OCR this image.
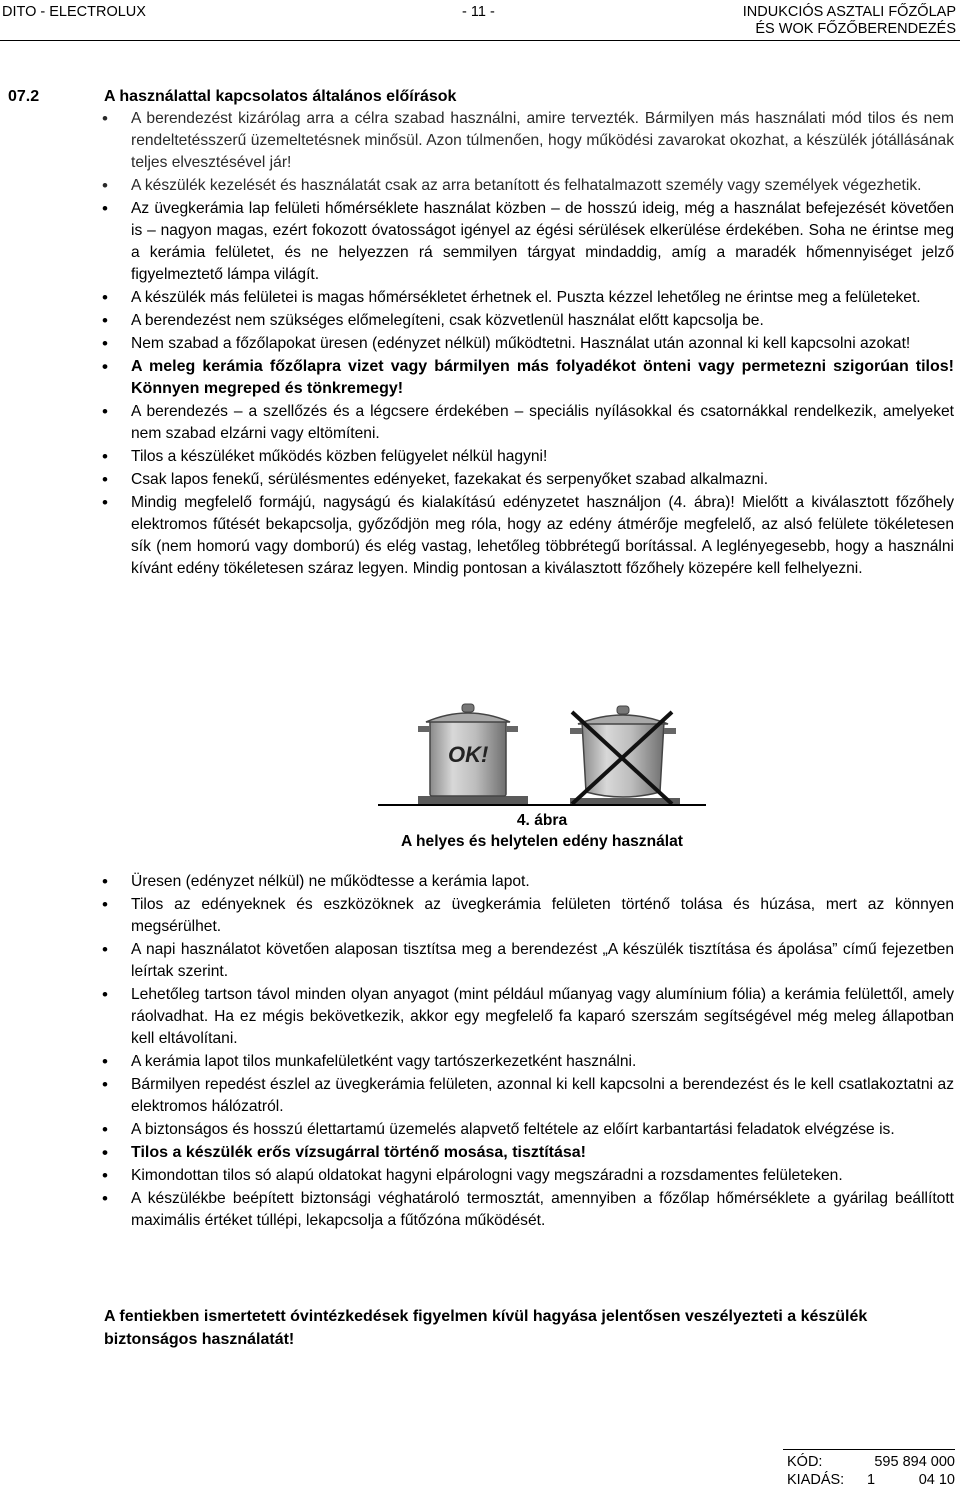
DITO - ELECTROLUX	- 11 -	INDUKCIÓS ASZTALI FŐZŐLAP
ÉS WOK FŐZŐBERENDEZÉS
07.2	A használattal kapcsolatos általános előírások
• A berendezést kizárólag arra a célra szabad használni, amire tervezték. Bármilyen más használati mód tilos és nem rendeltetésszerű üzemeltetésnek minősül. Azon túlmenően, hogy működési zavarokat okozhat, a készülék jótállásának teljes elvesztésével jár!
• A készülék kezelését és használatát csak az arra betanított és felhatalmazott személy vagy személyek végezhetik.
• Az üvegkerámia lap felületi hőmérséklete használat közben – de hosszú ideig, még a használat befejezését követően is – nagyon magas, ezért fokozott óvatosságot igényel az égési sérülések elkerülése érdekében. Soha ne érintse meg a kerámia felületet, és ne helyezzen rá semmilyen tárgyat mindaddig, amíg a maradék hőmennyiséget jelző figyelmeztető lámpa világít.
• A készülék más felületei is magas hőmérsékletet érhetnek el. Puszta kézzel lehetőleg ne érintse meg a felületeket.
• A berendezést nem szükséges előmelegíteni, csak közvetlenül használat előtt kapcsolja be.
• Nem szabad a főzőlapokat üresen (edényzet nélkül) működtetni. Használat után azonnal ki kell kapcsolni azokat!
• A meleg kerámia főzőlapra vizet vagy bármilyen más folyadékot önteni vagy permetezni szigorúan tilos! Könnyen megreped és tönkremegy!
• A berendezés – a szellőzés és a légcsere érdekében – speciális nyílásokkal és csatornákkal rendelkezik, amelyeket nem szabad elzárni vagy eltömíteni.
• Tilos a készüléket működés közben felügyelet nélkül hagyni!
• Csak lapos fenekű, sérülésmentes edényeket, fazekakat és serpenyőket szabad alkalmazni.
• Mindig megfelelő formájú, nagyságú és kialakítású edényzetet használjon (4. ábra)! Mielőtt a kiválasztott főzőhely elektromos fűtését bekapcsolja, győződjön meg róla, hogy az edény átmérője megfelelő, az alsó felülete tökéletesen sík (nem homorú vagy domború) és elég vastag, lehetőleg többrétegű borítással. A leglényegesebb, hogy a használni kívánt edény tökéletesen száraz legyen. Mindig pontosan a kiválasztott főzőhely közepére kell felhelyezni.
OK!
4. ábra
A helyes és helytelen edény használat
• Üresen (edényzet nélkül) ne működtesse a kerámia lapot.
• Tilos az edényeknek és eszközöknek az üvegkerámia felületen történő tolása és húzása, mert az könnyen megsérülhet.
• A napi használatot követően alaposan tisztítsa meg a berendezést „A készülék tisztítása és ápolása” című fejezetben leírtak szerint.
• Lehetőleg tartson távol minden olyan anyagot (mint például műanyag vagy alumínium fólia) a kerámia felülettől, amely ráolvadhat. Ha ez mégis bekövetkezik, akkor egy megfelelő fa kaparó szerszám segítségével még meleg állapotban kell eltávolítani.
• A kerámia lapot tilos munkafelületként vagy tartószerkezetként használni.
• Bármilyen repedést észlel az üvegkerámia felületen, azonnal ki kell kapcsolni a berendezést és le kell csatlakoztatni az elektromos hálózatról.
• A biztonságos és hosszú élettartamú üzemelés alapvető feltétele az előírt karbantartási feladatok elvégzése is.
• Tilos a készülék erős vízsugárral történő mosása, tisztítása!
• Kimondottan tilos só alapú oldatokat hagyni elpárologni vagy megszáradni a rozsdamentes felületeken.
• A készülékbe beépített biztonsági véghatároló termosztát, amennyiben a főzőlap hőmérséklete a gyárilag beállított maximális értéket túllépi, lekapcsolja a fűtőzóna működését.
A fentiekben ismertetett óvintézkedések figyelmen kívül hagyása jelentősen veszélyezteti a készülék biztonságos használatát!
KÓD:	595 894 000
KIADÁS: 1	04 10
